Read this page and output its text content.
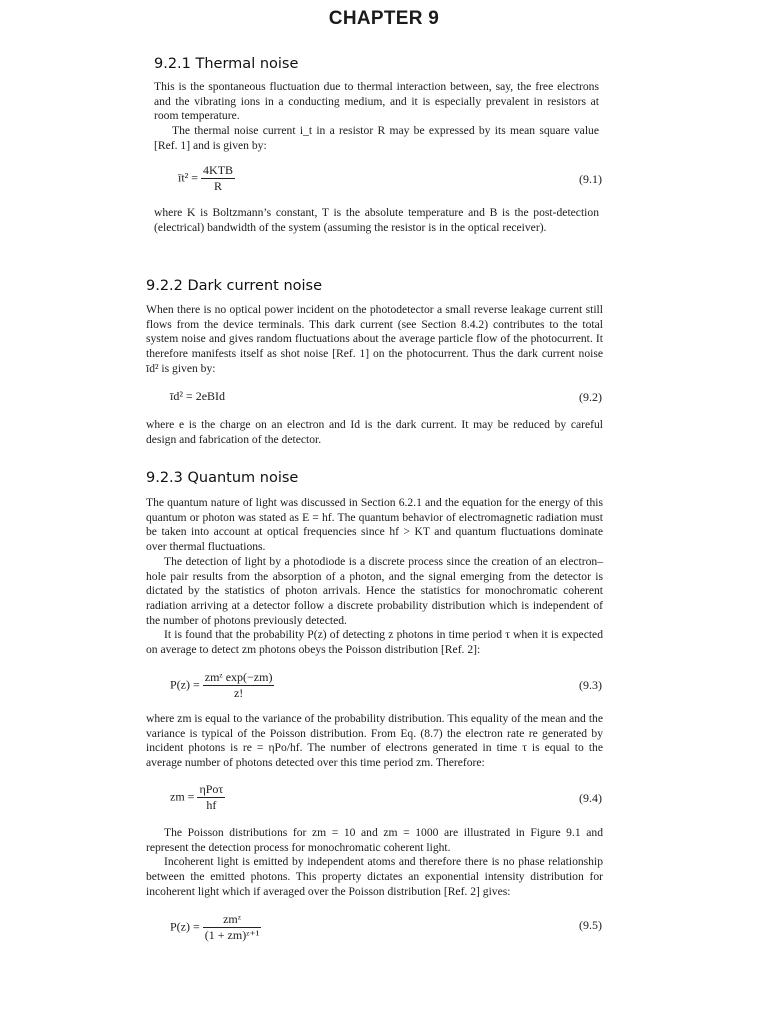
CHAPTER 9
9.2.1 Thermal noise

This is the spontaneous fluctuation due to thermal interaction between, say, the free electrons and the vibrating ions in a conducting medium, and it is especially prevalent in resistors at room temperature.

The thermal noise current i_t in a resistor R may be expressed by its mean square value [Ref. 1] and is given by:

īt² = $\frac{\text{4KTB}}{R}$	(9.1)
where K is Boltzmann’s constant, T is the absolute temperature and B is the post-detection (electrical) bandwidth of the system (assuming the resistor is in the optical receiver).
9.2.2 Dark current noise
When there is no optical power incident on the photodetector a small reverse leakage current still flows from the device terminals. This dark current (see Section 8.4.2) contributes to the total system noise and gives random fluctuations about the average particle flow of the photocurrent. It therefore manifests itself as shot noise [Ref. 1] on the photocurrent. Thus the dark current noise īd² is given by:
īd² = 2eBId	(9.2)
where e is the charge on an electron and Id is the dark current. It may be reduced by careful design and fabrication of the detector.
9.2.3 Quantum noise

The quantum nature of light was discussed in Section 6.2.1 and the equation for the energy of this quantum or photon was stated as E = hf. The quantum behavior of electromagnetic radiation must be taken into account at optical frequencies since hf > KT and quantum fluctuations dominate over thermal fluctuations.

The detection of light by a photodiode is a discrete process since the creation of an electron–hole pair results from the absorption of a photon, and the signal emerging from the detector is dictated by the statistics of photon arrivals. Hence the statistics for monochromatic coherent radiation arriving at a detector follow a discrete probability distribution which is independent of the number of photons previously detected.

It is found that the probability P(z) of detecting z photons in time period τ when it is expected on average to detect zm photons obeys the Poisson distribution [Ref. 2]:

$P(z) = \frac{\text{zmᶻ exp(−zm)}}{z!}$	(9.3)
where zm is equal to the variance of the probability distribution. This equality of the mean and the variance is typical of the Poisson distribution. From Eq. (8.7) the electron rate re generated by incident photons is re = ηPo/hf. The number of electrons generated in time τ is equal to the average number of photons detected over this time period zm. Therefore:
zm = $\frac{\text{ηPoτ}}{hf}$	(9.4)

The Poisson distributions for zm = 10 and zm = 1000 are illustrated in Figure 9.1 and represent the detection process for monochromatic coherent light.

Incoherent light is emitted by independent atoms and therefore there is no phase relationship between the emitted photons. This property dictates an exponential intensity distribution for incoherent light which if averaged over the Poisson distribution [Ref. 2] gives:

$P(z) = \frac{\text{zmᶻ}}{\text{(1 + zm)ᶻ⁺¹}}$	(9.5)
